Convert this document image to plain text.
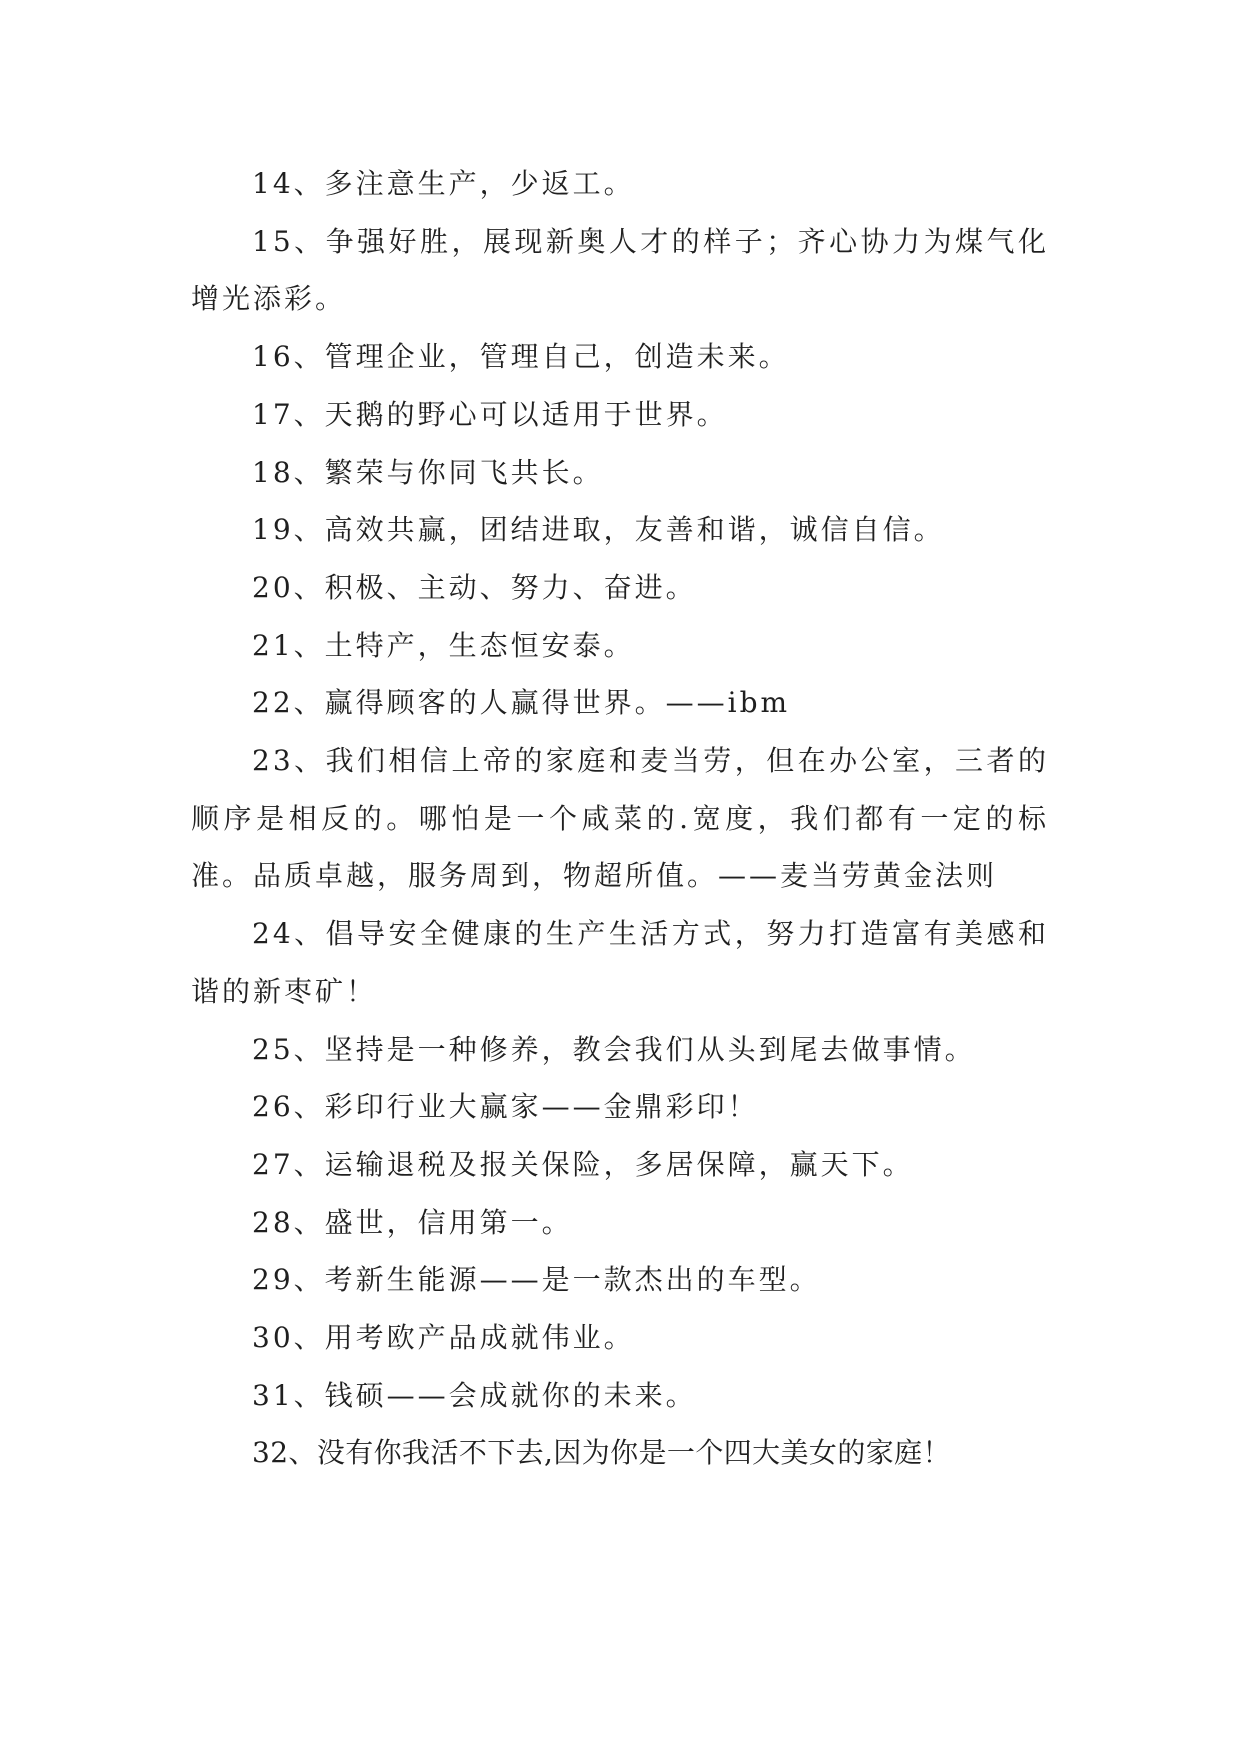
14、多注意生产，少返工。

15、争强好胜，展现新奥人才的样子；齐心协力为煤气化增光添彩。

16、管理企业，管理自己，创造未来。

17、天鹅的野心可以适用于世界。

18、繁荣与你同飞共长。

19、高效共赢，团结进取，友善和谐，诚信自信。

20、积极、主动、努力、奋进。

21、土特产，生态恒安泰。

22、赢得顾客的人赢得世界。——ibm

23、我们相信上帝的家庭和麦当劳，但在办公室，三者的顺序是相反的。哪怕是一个咸菜的.宽度，我们都有一定的标准。品质卓越，服务周到，物超所值。——麦当劳黄金法则

24、倡导安全健康的生产生活方式，努力打造富有美感和谐的新枣矿！

25、坚持是一种修养，教会我们从头到尾去做事情。

26、彩印行业大赢家——金鼎彩印！

27、运输退税及报关保险，多居保障，赢天下。

28、盛世，信用第一。

29、考新生能源——是一款杰出的车型。

30、用考欧产品成就伟业。

31、钱硕——会成就你的未来。

32、没有你我活不下去,因为你是一个四大美女的家庭！
